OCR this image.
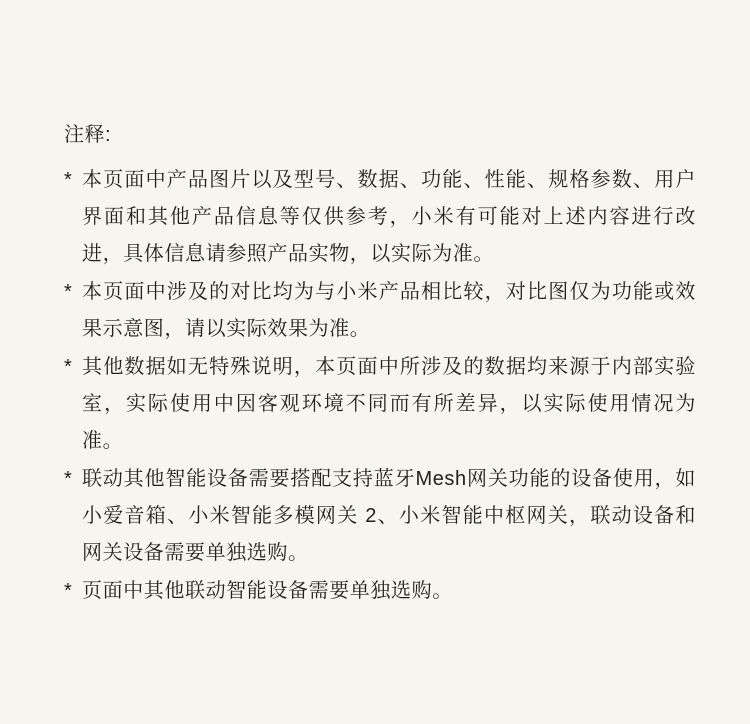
注释:
* 本页面中产品图片以及型号、数据、功能、性能、规格参数、用户界面和其他产品信息等仅供参考，小米有可能对上述内容进行改进，具体信息请参照产品实物，以实际为准。
* 本页面中涉及的对比均为与小米产品相比较，对比图仅为功能或效果示意图，请以实际效果为准。
* 其他数据如无特殊说明，本页面中所涉及的数据均来源于内部实验室，实际使用中因客观环境不同而有所差异，以实际使用情况为准。
* 联动其他智能设备需要搭配支持蓝牙Mesh网关功能的设备使用，如小爱音箱、小米智能多模网关 2、小米智能中枢网关，联动设备和网关设备需要单独选购。
* 页面中其他联动智能设备需要单独选购。
